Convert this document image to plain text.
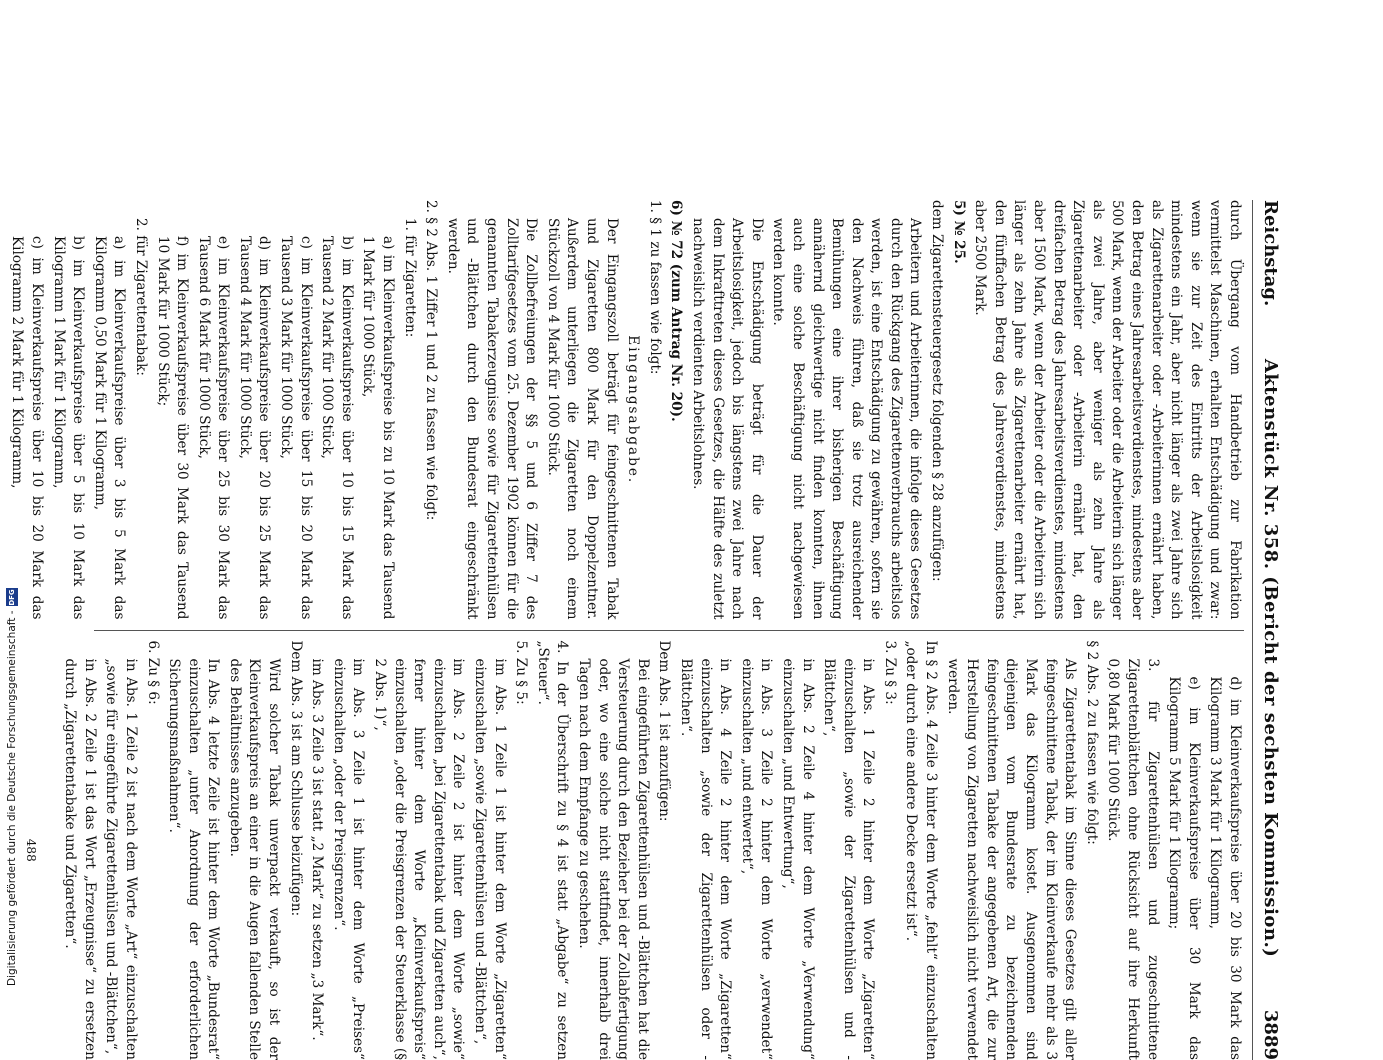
Reichstag.
Aktenstück Nr. 358. (Bericht der sechsten Kommission.)
3889

durch Übergang vom Handbetrieb zur Fabrikation vermittelst Maschinen, erhalten Entschädigung und zwar: wenn sie zur Zeit des Eintritts der Arbeitslosigkeit mindestens ein Jahr, aber nicht länger als zwei Jahre sich als Zigarettenarbeiter oder -Arbeiterinnen ernährt haben, den Betrag eines Jahresarbeitsverdienstes, mindestens aber 500 Mark, wenn der Arbeiter oder die Arbeiterin sich länger als zwei Jahre, aber weniger als zehn Jahre als Zigarettenarbeiter oder -Arbeiterin ernährt hat, den dreifachen Betrag des Jahresarbeitsverdienstes, mindestens aber 1500 Mark, wenn der Arbeiter oder die Arbeiterin sich länger als zehn Jahre als Zigarettenarbeiter ernährt hat, den fünffachen Betrag des Jahresverdienstes, mindestens aber 2500 Mark.

5) № 25.

dem Zigarettensteuergesetz folgenden § 28 anzufügen:

Arbeitern und Arbeiterinnen, die infolge dieses Gesetzes durch den Rückgang des Zigarettenverbrauchs arbeitslos werden, ist eine Entschädigung zu gewähren, sofern sie den Nachweis führen, daß sie trotz ausreichender Bemühungen eine ihrer bisherigen Beschäftigung annähernd gleichwertige nicht finden konnten, ihnen auch eine solche Beschäftigung nicht nachgewiesen werden konnte.

Die Entschädigung beträgt für die Dauer der Arbeitslosigkeit, jedoch bis längstens zwei Jahre nach dem Inkrafttreten dieses Gesetzes, die Hälfte des zuletzt nachweislich verdienten Arbeitslohnes.

6) № 72 (zum Antrag Nr. 20).

1. § 1 zu fassen wie folgt:

Eingangsabgabe.

Der Eingangszoll beträgt für feingeschnittenen Tabak und Zigaretten 800 Mark für den Doppelzentner. Außerdem unterliegen die Zigaretten noch einem Stückzoll von 4 Mark für 1000 Stück.

Die Zollbefreiungen der §§ 5 und 6 Ziffer 7 des Zolltarifgesetzes vom 25. Dezember 1902 können für die genannten Tabakerzeugnisse sowie für Zigarettenhülsen und -Blättchen durch den Bundesrat eingeschränkt werden.

2. § 2 Abs. 1 Ziffer 1 und 2 zu fassen wie folgt:

1. für Zigaretten:

a) im Kleinverkaufspreise bis zu 10 Mark das Tausend 1 Mark für 1000 Stück,

b) im Kleinverkaufspreise über 10 bis 15 Mark das Tausend 2 Mark für 1000 Stück,

c) im Kleinverkaufspreise über 15 bis 20 Mark das Tausend 3 Mark für 1000 Stück,

d) im Kleinverkaufspreise über 20 bis 25 Mark das Tausend 4 Mark für 1000 Stück,

e) im Kleinverkaufspreise über 25 bis 30 Mark das Tausend 6 Mark für 1000 Stück,

f) im Kleinverkaufspreise über 30 Mark das Tausend 10 Mark für 1000 Stück;

2. für Zigarettentabak:

a) im Kleinverkaufspreise über 3 bis 5 Mark das Kilogramm 0,50 Mark für 1 Kilogramm,

b) im Kleinverkaufspreise über 5 bis 10 Mark das Kilogramm 1 Mark für 1 Kilogramm,

c) im Kleinverkaufspreise über 10 bis 20 Mark das Kilogramm 2 Mark für 1 Kilogramm,

d) im Kleinverkaufspreise über 20 bis 30 Mark das Kilogramm 3 Mark für 1 Kilogramm,

e) im Kleinverkaufspreise über 30 Mark das Kilogramm 5 Mark für 1 Kilogramm;

3. für Zigarettenhülsen und zugeschnittene Zigarettenblättchen ohne Rücksicht auf ihre Herkunft 0,80 Mark für 1000 Stück.

§ 2 Abs. 2 zu fassen wie folgt:

Als Zigarettentabak im Sinne dieses Gesetzes gilt aller feingeschnittene Tabak, der im Kleinverkaufe mehr als 3 Mark das Kilogramm kostet. Ausgenommen sind diejenigen vom Bundesrate zu bezeichnenden feingeschnittenen Tabake der angegebenen Art, die zur Herstellung von Zigaretten nachweislich nicht verwendet werden.

In § 2 Abs. 4 Zeile 3 hinter dem Worte „fehlt“ einzuschalten „oder durch eine andere Decke ersetzt ist“.

3. Zu § 3:

in Abs. 1 Zeile 2 hinter dem Worte „Zigaretten“ einzuschalten „sowie der Zigarettenhülsen und -Blättchen“,

in Abs. 2 Zeile 4 hinter dem Worte „Verwendung“ einzuschalten „und Entwertung“,

in Abs. 3 Zeile 2 hinter dem Worte „verwendet“ einzuschalten „und entwertet“,

in Abs. 4 Zeile 2 hinter dem Worte „Zigaretten“ einzuschalten „sowie der Zigarettenhülsen oder -Blättchen“.

Dem Abs. 1 ist anzufügen:

Bei eingeführten Zigarettenhülsen und -Blättchen hat die Versteuerung durch den Bezieher bei der Zollabfertigung oder, wo eine solche nicht stattfindet, innerhalb drei Tagen nach dem Empfange zu geschehen.

4. In der Überschrift zu § 4 ist statt „Abgabe“ zu setzen „Steuer“.

5. Zu § 5:

im Abs. 1 Zeile 1 ist hinter dem Worte „Zigaretten“ einzuschalten „sowie Zigarettenhülsen und -Blättchen“,

im Abs. 2 Zeile 2 ist hinter dem Worte „sowie“ einzuschalten „bei Zigarettentabak und Zigaretten auch“, ferner hinter dem Worte „Kleinverkaufspreis“ einzuschalten „oder die Preisgrenzen der Steuerklasse (§ 2 Abs. 1)“,

im Abs. 3 Zeile 1 ist hinter dem Worte „Preises“ einzuschalten „oder der Preisgrenzen“.

im Abs. 3 Zeile 3 ist statt „2 Mark“ zu setzen „3 Mark“.

Dem Abs. 3 ist am Schlusse beizufügen:

Wird solcher Tabak unverpackt verkauft, so ist der Kleinverkaufspreis an einer in die Augen fallenden Stelle des Behältnisses anzugeben.

In Abs. 4 letzte Zeile ist hinter dem Worte „Bundesrat“ einzuschalten „unter Anordnung der erforderlichen Sicherungsmaßnahmen“.

6. Zu § 6:

in Abs. 1 Zeile 2 ist nach dem Worte „Art“ einzuschalten „sowie für eingeführte Zigarettenhülsen und -Blättchen“,

in Abs. 2 Zeile 1 ist das Wort „Erzeugnisse“ zu ersetzen durch „Zigarettentabake und Zigaretten“.

488
Digitalisierung gefördert durch die Deutsche Forschungsgemeinschaft -
DFG
